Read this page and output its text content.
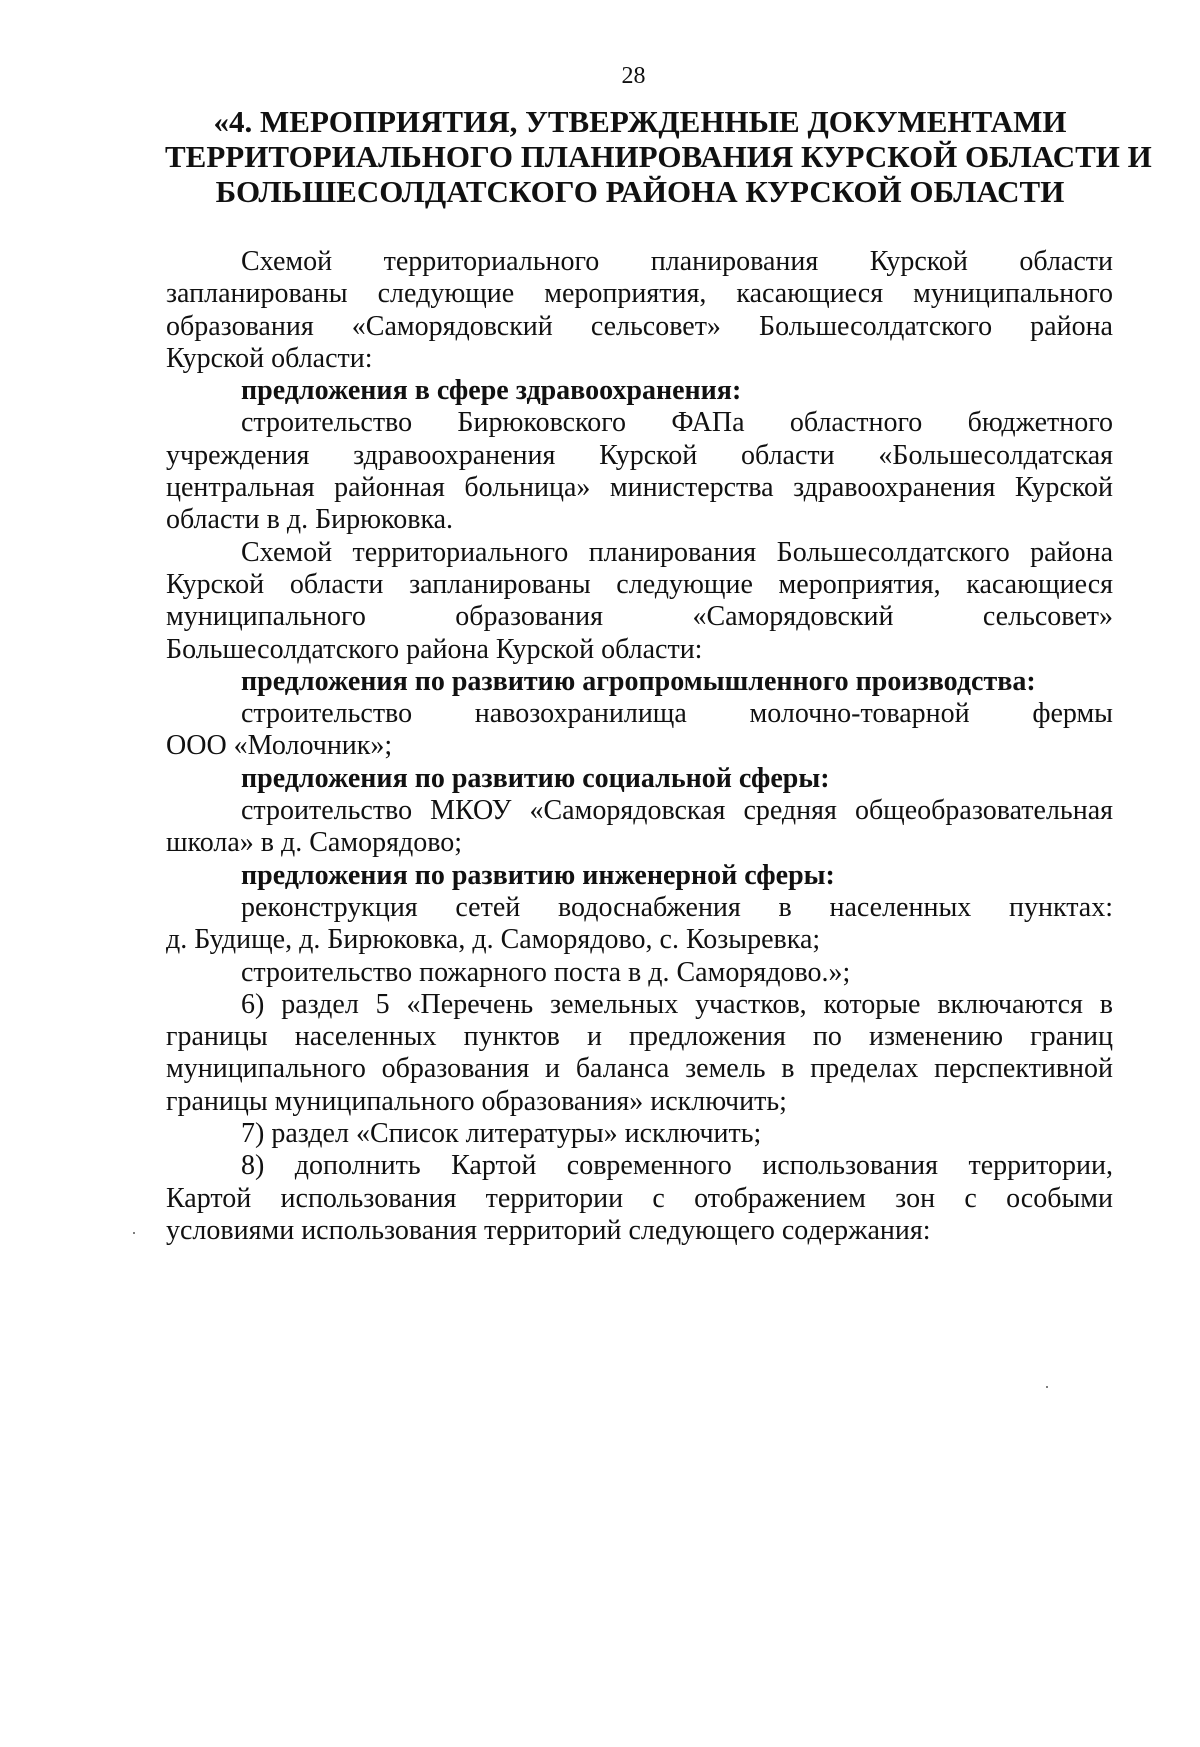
28
«4. МЕРОПРИЯТИЯ, УТВЕРЖДЕННЫЕ ДОКУМЕНТАМИ
ТЕРРИТОРИАЛЬНОГО ПЛАНИРОВАНИЯ КУРСКОЙ ОБЛАСТИ И
БОЛЬШЕСОЛДАТСКОГО РАЙОНА КУРСКОЙ ОБЛАСТИ
Схемой территориального планирования Курской области
запланированы следующие мероприятия, касающиеся муниципального
образования «Саморядовский сельсовет» Большесолдатского района
Курской области:
предложения в сфере здравоохранения:
строительство Бирюковского ФАПа областного бюджетного
учреждения здравоохранения Курской области «Большесолдатская
центральная районная больница» министерства здравоохранения Курской
области в д. Бирюковка.
Схемой территориального планирования Большесолдатского района
Курской области запланированы следующие мероприятия, касающиеся
муниципального образования «Саморядовский сельсовет»
Большесолдатского района Курской области:
предложения по развитию агропромышленного производства:
строительство навозохранилища молочно-товарной фермы
ООО «Молочник»;
предложения по развитию социальной сферы:
строительство МКОУ «Саморядовская средняя общеобразовательная
школа» в д. Саморядово;
предложения по развитию инженерной сферы:
реконструкция сетей водоснабжения в населенных пунктах:
д. Будище, д. Бирюковка, д. Саморядово, с. Козыревка;
строительство пожарного поста в д. Саморядово.»;
6) раздел 5 «Перечень земельных участков, которые включаются в
границы населенных пунктов и предложения по изменению границ
муниципального образования и баланса земель в пределах перспективной
границы муниципального образования» исключить;
7) раздел «Список литературы» исключить;
8) дополнить Картой современного использования территории,
Картой использования территории с отображением зон с особыми
условиями использования территорий следующего содержания:
